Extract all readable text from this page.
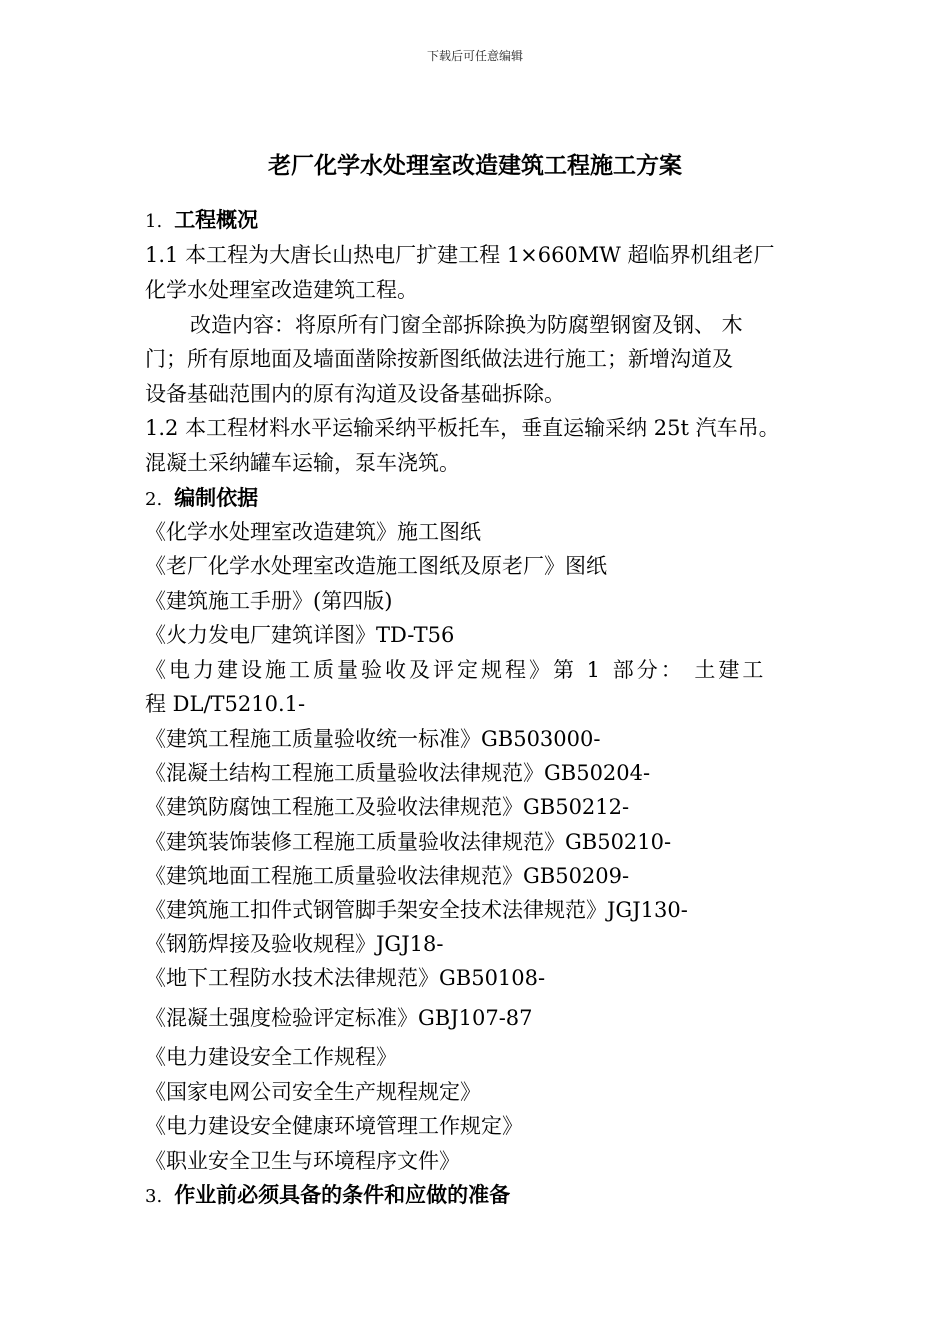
下载后可任意编辑
老厂化学水处理室改造建筑工程施工方案
1. 工程概况
1.1 本工程为大唐长山热电厂扩建工程 1×660MW 超临界机组老厂
化学水处理室改造建筑工程。
改造内容：将原所有门窗全部拆除换为防腐塑钢窗及钢、 木
门；所有原地面及墙面凿除按新图纸做法进行施工；新增沟道及
设备基础范围内的原有沟道及设备基础拆除。
1.2 本工程材料水平运输采纳平板托车，垂直运输采纳 25t 汽车吊。
混凝土采纳罐车运输，泵车浇筑。
2. 编制依据
《化学水处理室改造建筑》施工图纸
《老厂化学水处理室改造施工图纸及原老厂》图纸
《建筑施工手册》(第四版)
《火力发电厂建筑详图》TD-T56
《电力建设施工质量验收及评定规程》第 1 部分： 土建工
程 DL/T5210.1-
《建筑工程施工质量验收统一标准》GB503000-
《混凝土结构工程施工质量验收法律规范》GB50204-
《建筑防腐蚀工程施工及验收法律规范》GB50212-
《建筑装饰装修工程施工质量验收法律规范》GB50210-
《建筑地面工程施工质量验收法律规范》GB50209-
《建筑施工扣件式钢管脚手架安全技术法律规范》JGJ130-
《钢筋焊接及验收规程》JGJ18-
《地下工程防水技术法律规范》GB50108-
《混凝土强度检验评定标准》GBJ107-87
《电力建设安全工作规程》
《国家电网公司安全生产规程规定》
《电力建设安全健康环境管理工作规定》
《职业安全卫生与环境程序文件》
3. 作业前必须具备的条件和应做的准备
